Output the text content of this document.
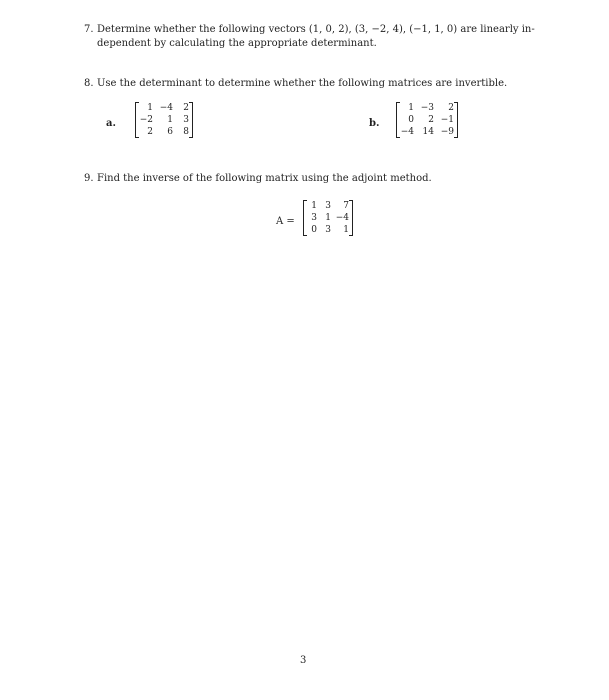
7. Determine whether the following vectors (1, 0, 2), (3, −2, 4), (−1, 1, 0) are linearly in-
dependent by calculating the appropriate determinant.
8. Use the determinant to determine whether the following matrices are invertible.
a.
1 −4	2
−2	1	3
2	6	8
b.
1 −3	2
0	2 −1
−4 14 −9
9. Find the inverse of the following matrix using the adjoint method.
A =
1 3	7
3 1 −4
0 3	1
3
